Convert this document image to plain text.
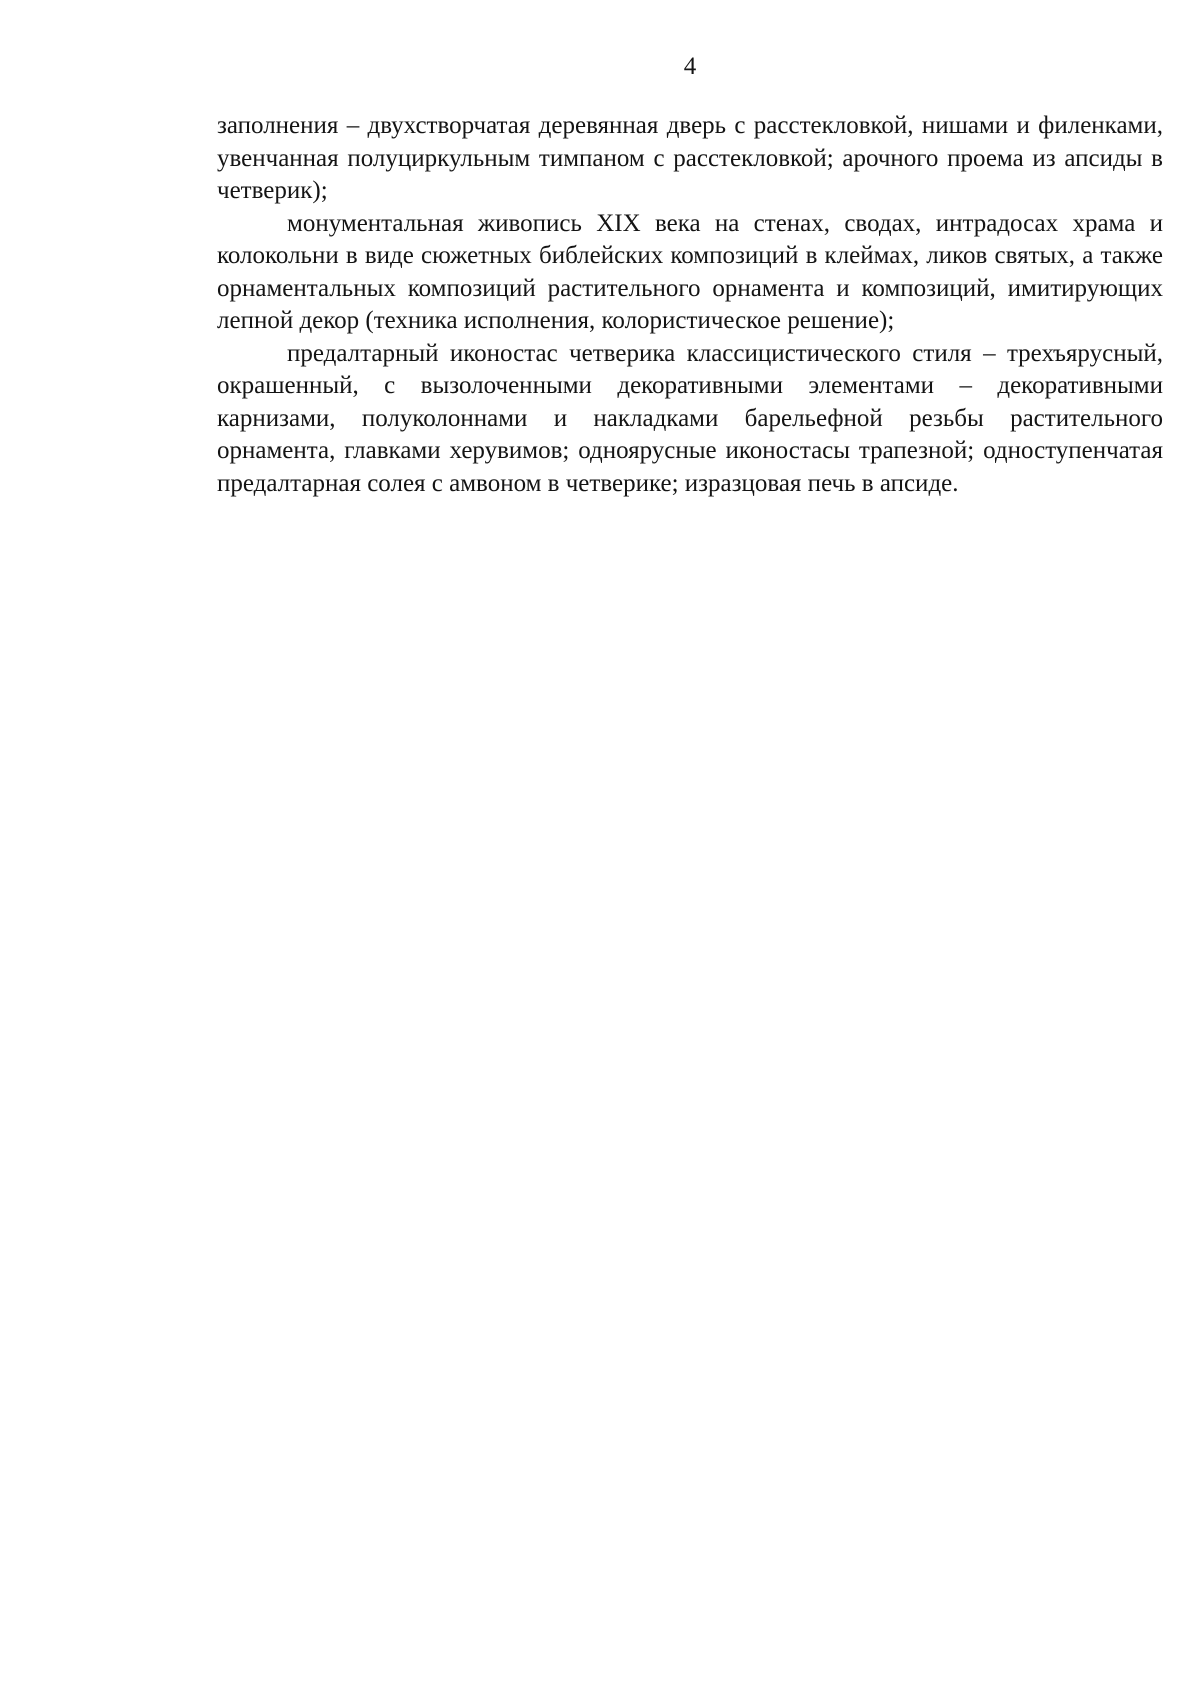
4

заполнения – двухстворчатая деревянная дверь с расстекловкой, нишами и филенками, увенчанная полуциркульным тимпаном с расстекловкой; арочного проема из апсиды в четверик);

монументальная живопись XIX века на стенах, сводах, интрадосах храма и колокольни в виде сюжетных библейских композиций в клеймах, ликов святых, а также орнаментальных композиций растительного орнамента и композиций, имитирующих лепной декор (техника исполнения, колористическое решение);

предалтарный иконостас четверика классицистического стиля – трехъярусный, окрашенный, с вызолоченными декоративными элементами – декоративными карнизами, полуколоннами и накладками барельефной резьбы растительного орнамента, главками херувимов; одноярусные иконостасы трапезной; одноступенчатая предалтарная солея с амвоном в четверике; изразцовая печь в апсиде.
